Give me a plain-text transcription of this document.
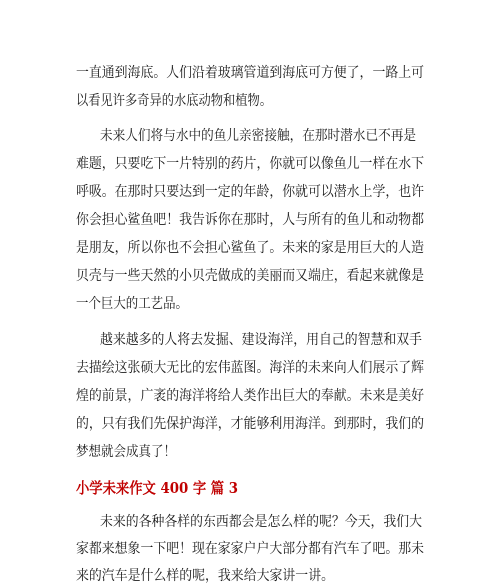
一直通到海底。人们沿着玻璃管道到海底可方便了，一路上可
以看见许多奇异的水底动物和植物。
未来人们将与水中的鱼儿亲密接触，在那时潜水已不再是
难题，只要吃下一片特别的药片，你就可以像鱼儿一样在水下
呼吸。在那时只要达到一定的年龄，你就可以潜水上学，也许
你会担心鲨鱼吧！我告诉你在那时，人与所有的鱼儿和动物都
是朋友，所以你也不会担心鲨鱼了。未来的家是用巨大的人造
贝壳与一些天然的小贝壳做成的美丽而又端庄，看起来就像是
一个巨大的工艺品。
越来越多的人将去发掘、建设海洋，用自己的智慧和双手
去描绘这张硕大无比的宏伟蓝图。海洋的未来向人们展示了辉
煌的前景，广袤的海洋将给人类作出巨大的奉献。未来是美好
的，只有我们先保护海洋，才能够利用海洋。到那时，我们的
梦想就会成真了！
小学未来作文 400 字 篇 3
未来的各种各样的东西都会是怎么样的呢？今天，我们大
家都来想象一下吧！现在家家户户大部分都有汽车了吧。那未
来的汽车是什么样的呢，我来给大家讲一讲。
